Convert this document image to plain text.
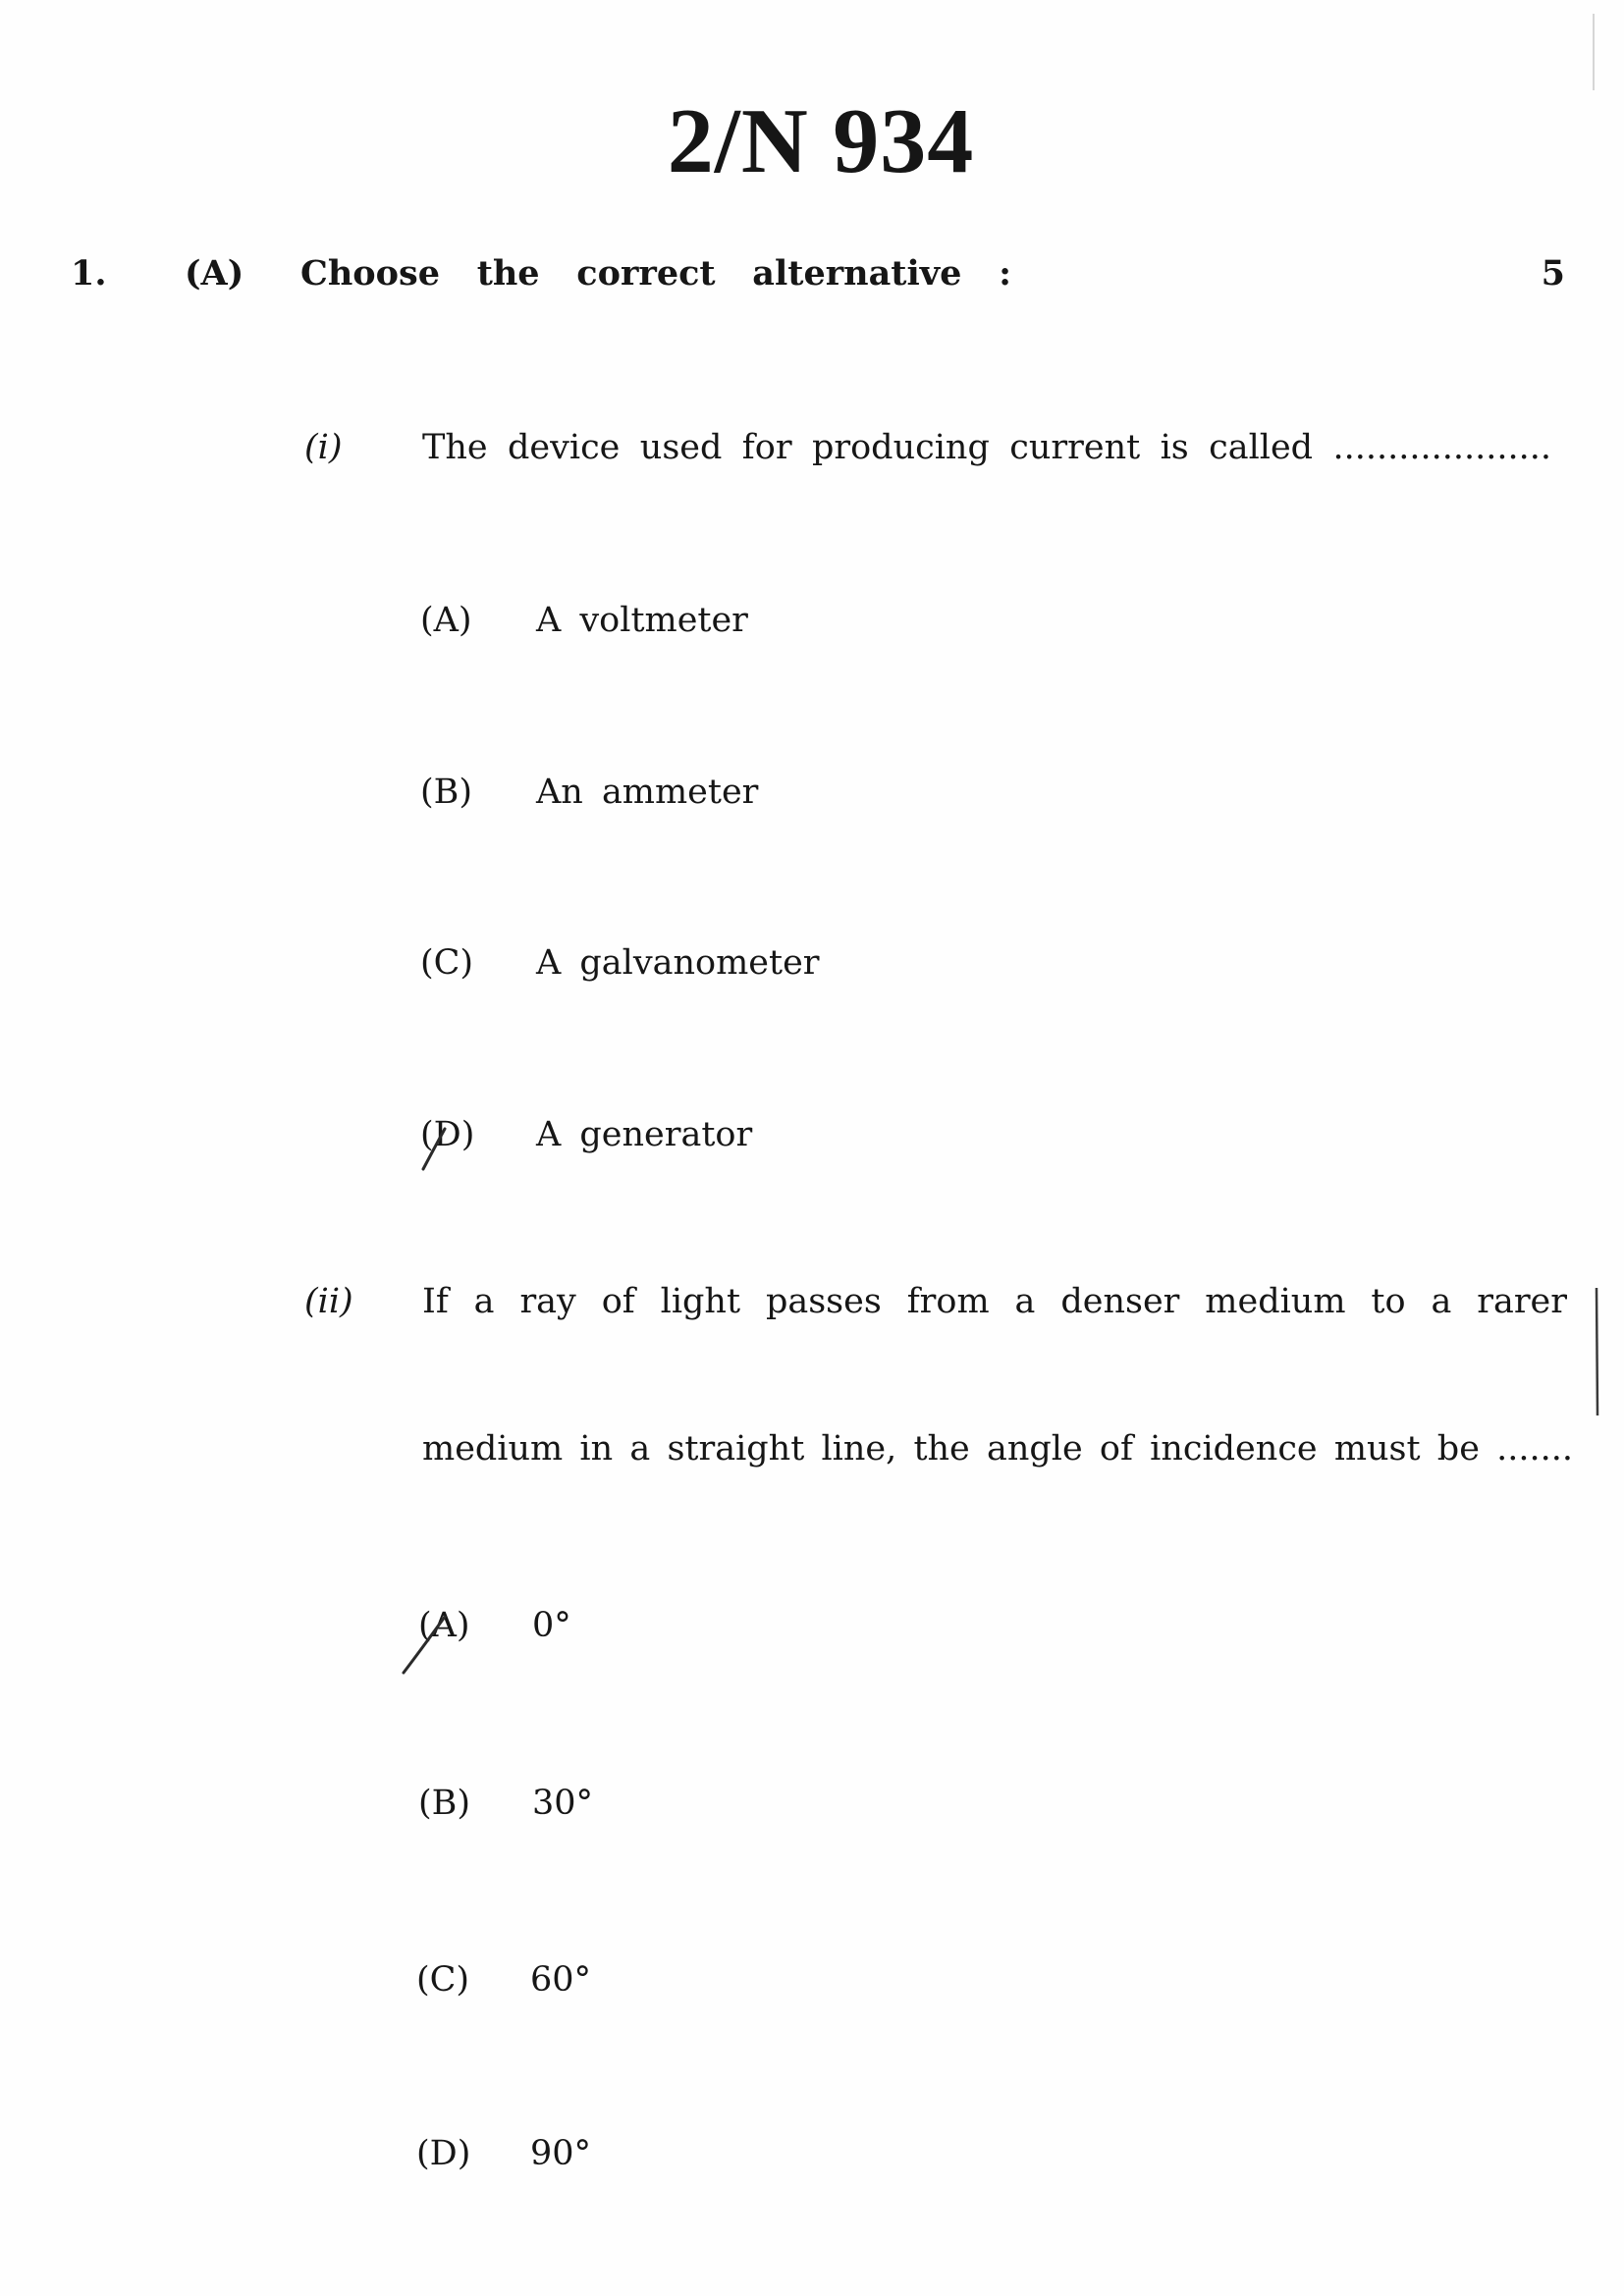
2/N 934
1. (A) Choose the correct alternative :	5
(i) The device used for producing current is called ....................
(A)	A voltmeter
(B)	An ammeter
(C)	A galvanometer
(D)	A generator
(ii) If a ray of light passes from a denser medium to a rarer
medium in a straight line, the angle of incidence must be .......
(A)	0°
(B)	30°
(C)	60°
(D)	90°
